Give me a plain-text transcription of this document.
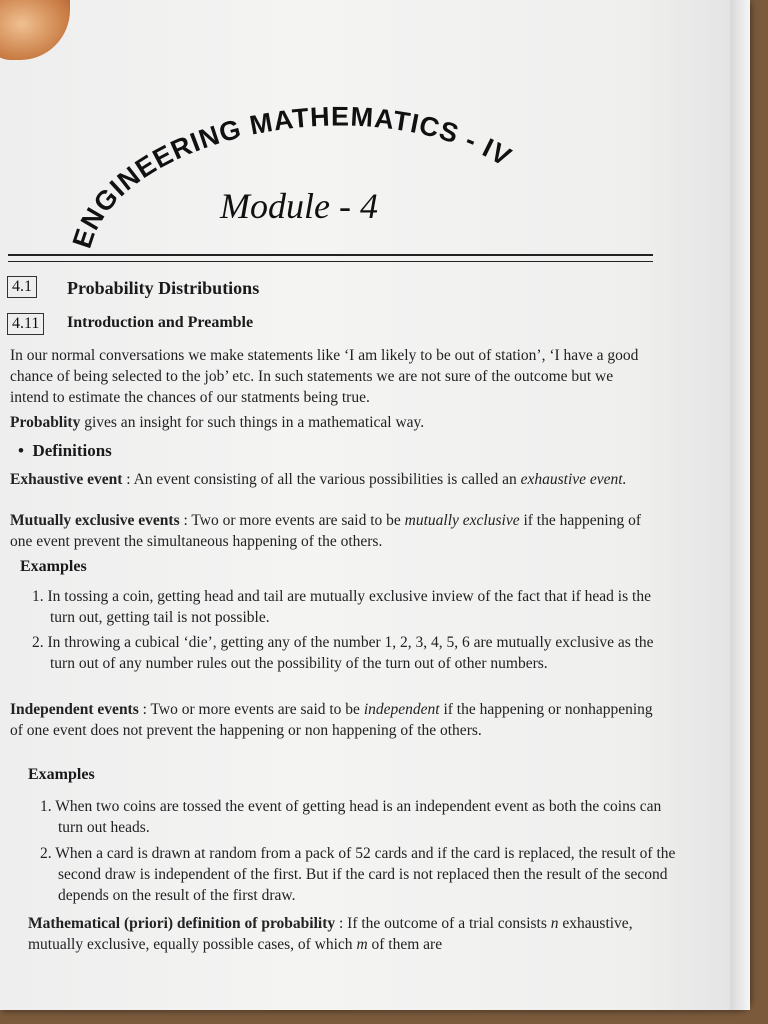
ENGINEERING MATHEMATICS - IV
Module - 4
4.1 Probability Distributions
4.11	Introduction and Preamble
In our normal conversations we make statements like ‘I am likely to be out of station’, ‘I have a good chance of being selected to the job’ etc. In such statements we are not sure of the outcome but we intend to estimate the chances of our statments being true.
Probablity gives an insight for such things in a mathematical way.
• Definitions
Exhaustive event : An event consisting of all the various possibilities is called an exhaustive event.
Mutually exclusive events : Two or more events are said to be mutually exclusive if the happening of one event prevent the simultaneous happening of the others.
Examples
1. In tossing a coin, getting head and tail are mutually exclusive inview of the fact that if head is the turn out, getting tail is not possible.
2. In throwing a cubical ‘die’, getting any of the number 1, 2, 3, 4, 5, 6 are mutually exclusive as the turn out of any number rules out the possibility of the turn out of other numbers.
Independent events : Two or more events are said to be independent if the happening or nonhappening of one event does not prevent the happening or non happening of the others.
Examples
1. When two coins are tossed the event of getting head is an independent event as both the coins can turn out heads.
2. When a card is drawn at random from a pack of 52 cards and if the card is replaced, the result of the second draw is independent of the first. But if the card is not replaced then the result of the second depends on the result of the first draw.
Mathematical (priori) definition of probability : If the outcome of a trial consists n exhaustive, mutually exclusive, equally possible cases, of which m of them are
